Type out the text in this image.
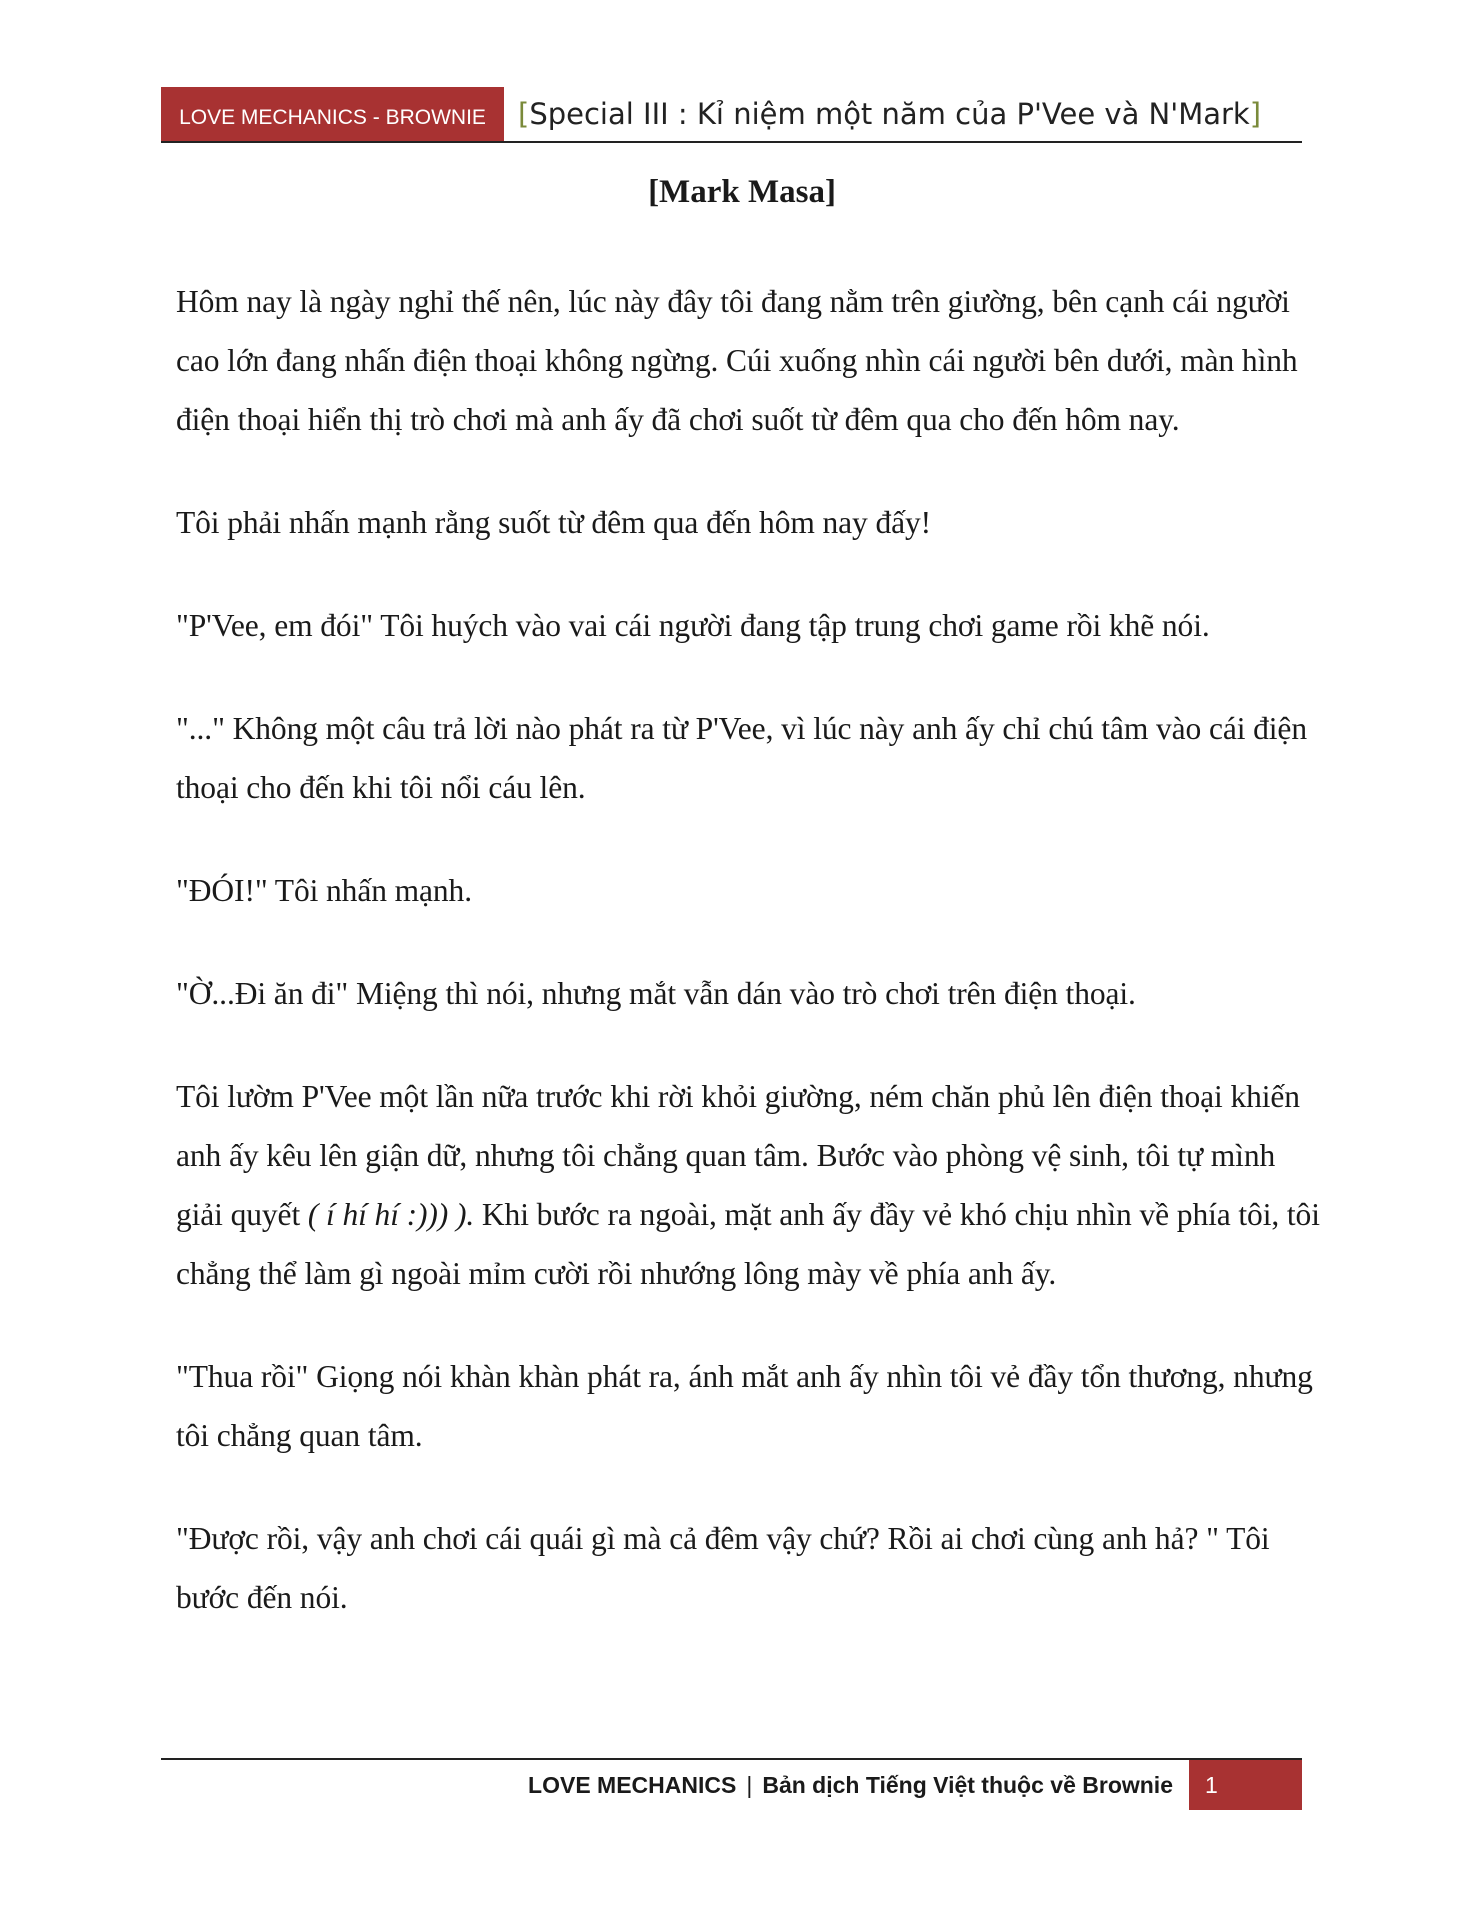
LOVE MECHANICS - BROWNIE	[ Special III : Kỉ niệm một năm của P'Vee và N'Mark ]
[Mark Masa]

Hôm nay là ngày nghỉ thế nên, lúc này đây tôi đang nằm trên giường, bên cạnh cái người cao lớn đang nhấn điện thoại không ngừng. Cúi xuống nhìn cái người bên dưới, màn hình điện thoại hiển thị trò chơi mà anh ấy đã chơi suốt từ đêm qua cho đến hôm nay.

Tôi phải nhấn mạnh rằng suốt từ đêm qua đến hôm nay đấy!

"P'Vee, em đói" Tôi huých vào vai cái người đang tập trung chơi game rồi khẽ nói.

"..." Không một câu trả lời nào phát ra từ P'Vee, vì lúc này anh ấy chỉ chú tâm vào cái điện thoại cho đến khi tôi nổi cáu lên.

"ĐÓI!" Tôi nhấn mạnh.

"Ờ...Đi ăn đi" Miệng thì nói, nhưng mắt vẫn dán vào trò chơi trên điện thoại.

Tôi lườm P'Vee một lần nữa trước khi rời khỏi giường, ném chăn phủ lên điện thoại khiến anh ấy kêu lên giận dữ, nhưng tôi chẳng quan tâm. Bước vào phòng vệ sinh, tôi tự mình giải quyết ( í hí hí :))) ). Khi bước ra ngoài, mặt anh ấy đầy vẻ khó chịu nhìn về phía tôi, tôi chẳng thể làm gì ngoài mỉm cười rồi nhướng lông mày về phía anh ấy.

"Thua rồi" Giọng nói khàn khàn phát ra, ánh mắt anh ấy nhìn tôi vẻ đầy tổn thương, nhưng tôi chẳng quan tâm.

"Được rồi, vậy anh chơi cái quái gì mà cả đêm vậy chứ? Rồi ai chơi cùng anh hả? " Tôi bước đến nói.

LOVE MECHANICS | Bản dịch Tiếng Việt thuộc về Brownie	1
